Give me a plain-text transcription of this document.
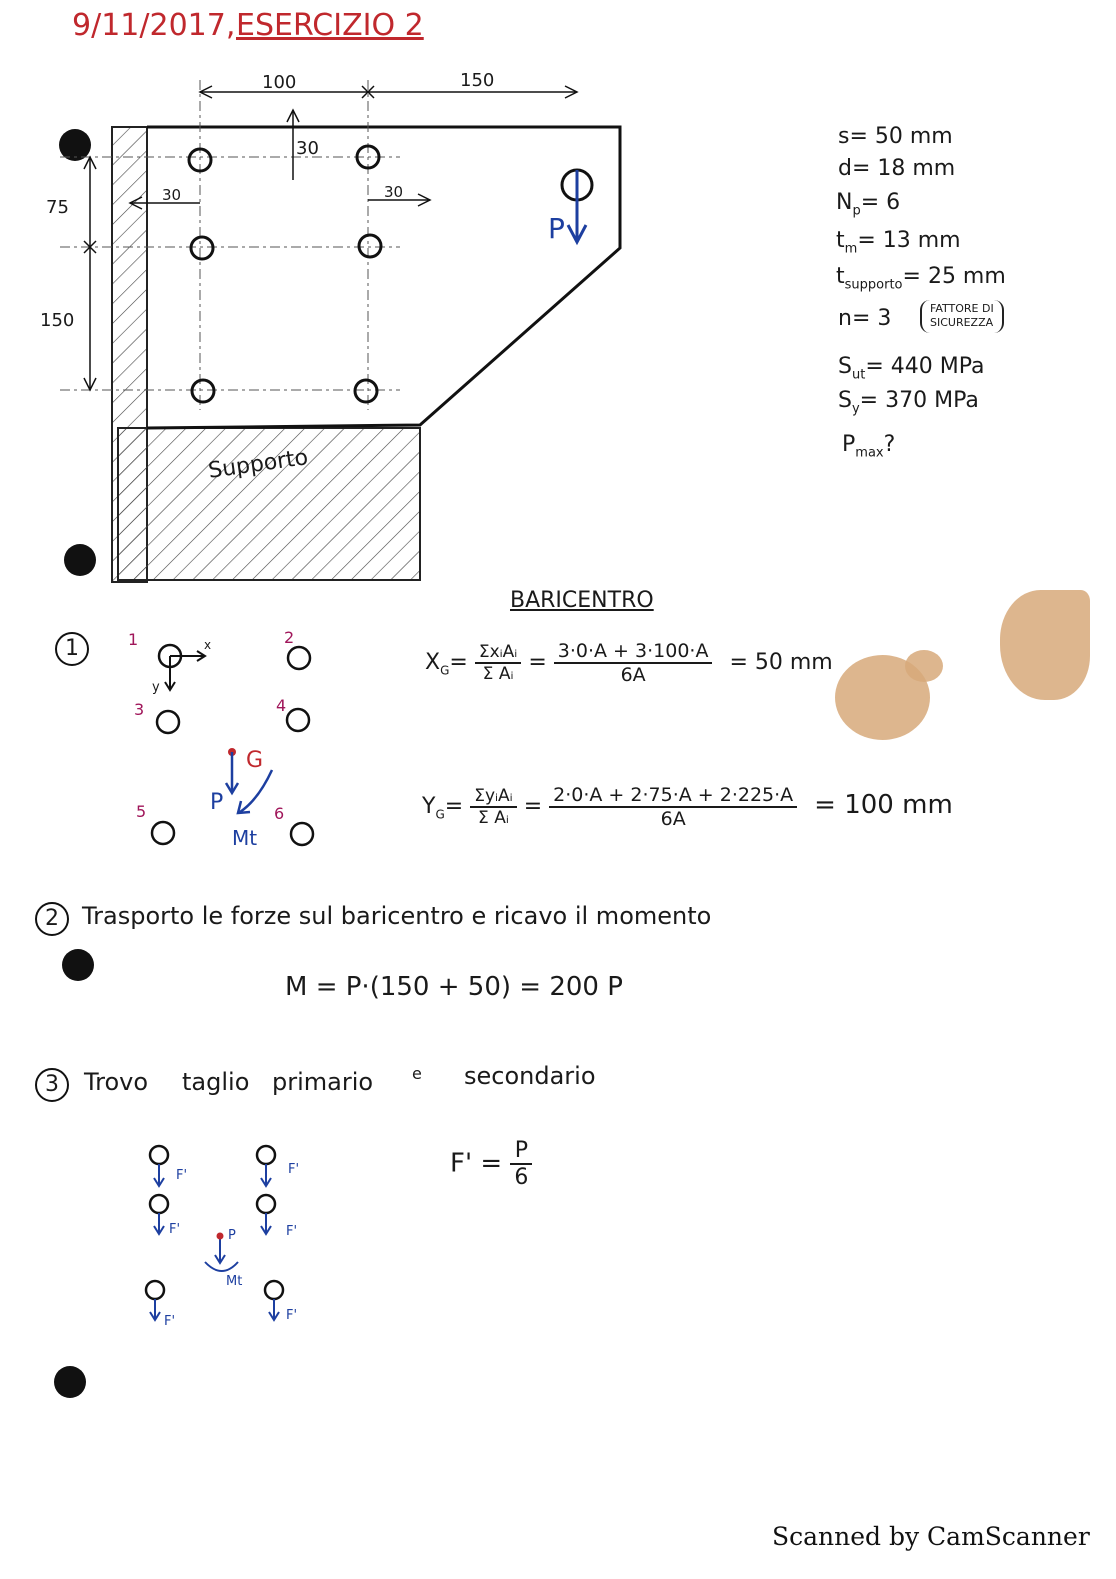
9/11/2017, ESERCIZIO 2
100	150
30
30	30
75
150
P
Supporto
s= 50 mm
d= 18 mm
$N_p= 6$
$t_m= 13$ mm
$t_{supporto}= 25$ mm
n= 3	FATTORE DI
SICUREZZA
$S_{ut}= 440$ MPa
$S_y= 370$ MPa
$P_{max}$?
BARICENTRO
1	1	2
3	4
5	6
x
y
G
P
Mt
$X_G= \frac{\text{ΣxᵢAᵢ}}{\text{Σ Aᵢ}} = \frac{3\cdot 0\cdot A + 3\cdot 100\cdot A}{6A} = 50$ mm
$Y_G= \frac{\text{ΣyᵢAᵢ}}{\text{Σ Aᵢ}} = \frac{2\cdot 0\cdot A + 2\cdot 75\cdot A + 2\cdot 225\cdot A}{6A} = 100$ mm
2 Trasporto le forze sul baricentro e ricavo il momento
M = P·(150 + 50) = 200 P
3	Trovo taglio primario e secondario
F'	F'
F'	F'
F'	F'
P
Mt
$F' = \frac{P}{6}$
Scanned by CamScanner
